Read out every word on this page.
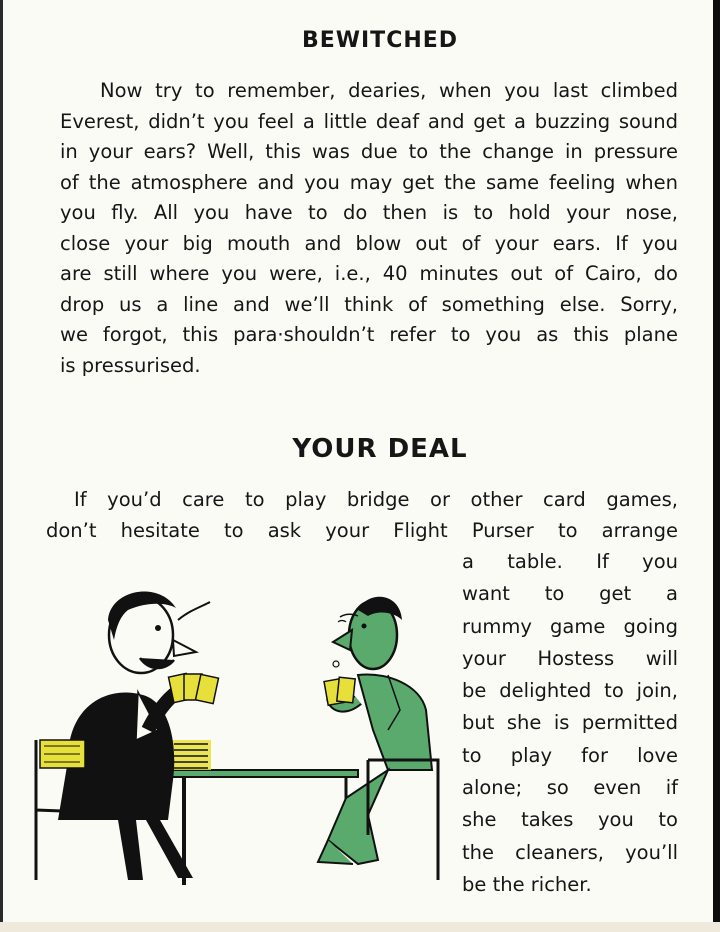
BEWITCHED

Now try to remember, dearies, when you last climbed
Everest, didn’t you feel a little deaf and get a buzzing sound
in your ears? Well, this was due to the change in pressure
of the atmosphere and you may get the same feeling when
you fly. All you have to do then is to hold your nose,
close your big mouth and blow out of your ears. If you
are still where you were, i.e., 40 minutes out of Cairo, do
drop us a line and we’ll think of something else. Sorry,
we forgot, this para·shouldn’t refer to you as this plane
is pressurised.

YOUR DEAL

If you’d care to play bridge or other card games,
don’t hesitate to ask your Flight Purser to arrange

a table. If you
want to get a
rummy game going
your Hostess will
be delighted to join,
but she is permitted
to play for love
alone; so even if
she takes you to
the cleaners, you’ll
be the richer.
